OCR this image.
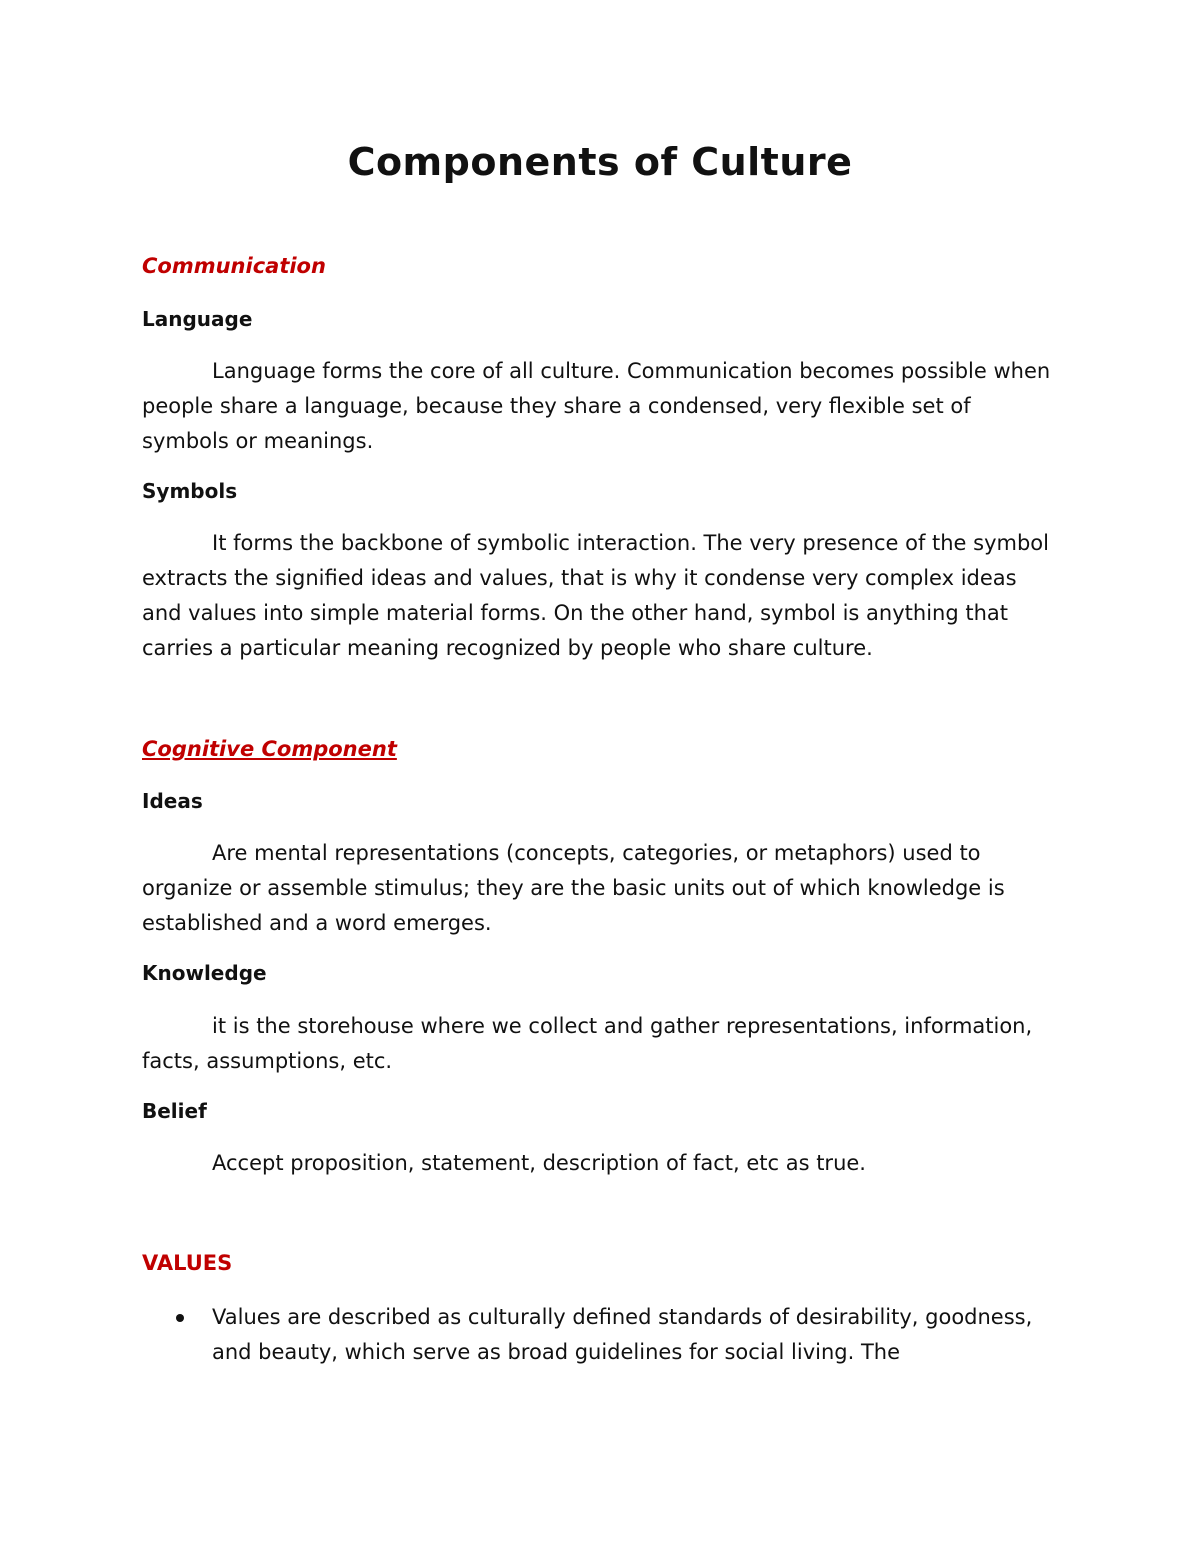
Components of Culture
Communication
Language

Language forms the core of all culture. Communication becomes possible when people share a language, because they share a condensed, very flexible set of symbols or meanings.

Symbols

It forms the backbone of symbolic interaction. The very presence of the symbol extracts the signified ideas and values, that is why it condense very complex ideas and values into simple material forms. On the other hand, symbol is anything that carries a particular meaning recognized by people who share culture.

Cognitive Component
Ideas

Are mental representations (concepts, categories, or metaphors) used to organize or assemble stimulus; they are the basic units out of which knowledge is established and a word emerges.

Knowledge

it is the storehouse where we collect and gather representations, information, facts, assumptions, etc.

Belief

Accept proposition, statement, description of fact, etc as true.

VALUES
Values are described as culturally defined standards of desirability, goodness, and beauty, which serve as broad guidelines for social living. The
